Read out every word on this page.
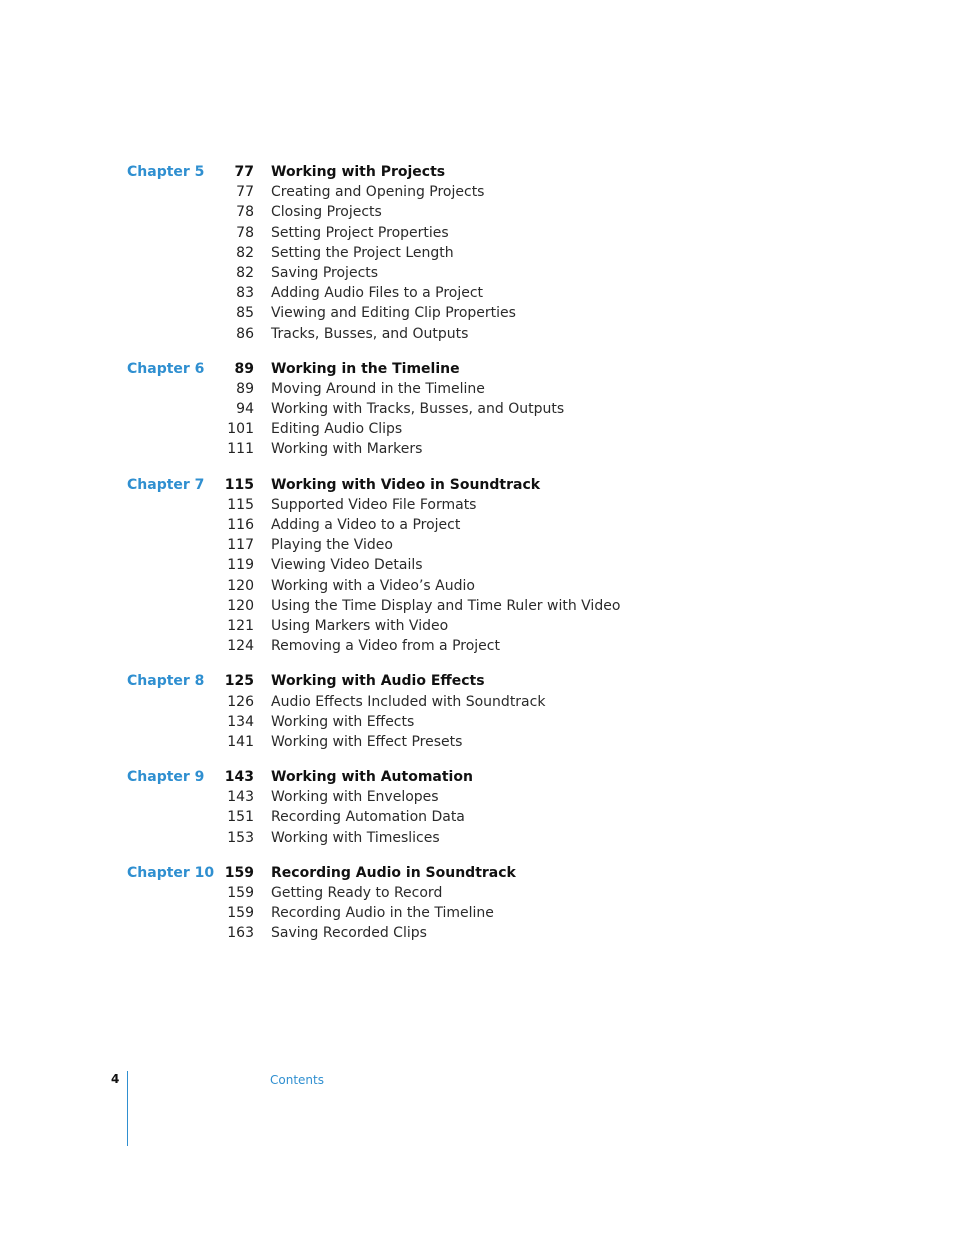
Chapter 5 77 Working with Projects
77 Creating and Opening Projects
78 Closing Projects
78 Setting Project Properties
82 Setting the Project Length
82 Saving Projects
83 Adding Audio Files to a Project
85 Viewing and Editing Clip Properties
86 Tracks, Busses, and Outputs
Chapter 6 89 Working in the Timeline
89 Moving Around in the Timeline
94 Working with Tracks, Busses, and Outputs
101 Editing Audio Clips
111 Working with Markers
Chapter 7 115 Working with Video in Soundtrack
115 Supported Video File Formats
116 Adding a Video to a Project
117 Playing the Video
119 Viewing Video Details
120 Working with a Video’s Audio
120 Using the Time Display and Time Ruler with Video
121 Using Markers with Video
124 Removing a Video from a Project
Chapter 8 125 Working with Audio Effects
126 Audio Effects Included with Soundtrack
134 Working with Effects
141 Working with Effect Presets
Chapter 9 143 Working with Automation
143 Working with Envelopes
151 Recording Automation Data
153 Working with Timeslices
Chapter 10 159 Recording Audio in Soundtrack
159 Getting Ready to Record
159 Recording Audio in the Timeline
163 Saving Recorded Clips
4	Contents
